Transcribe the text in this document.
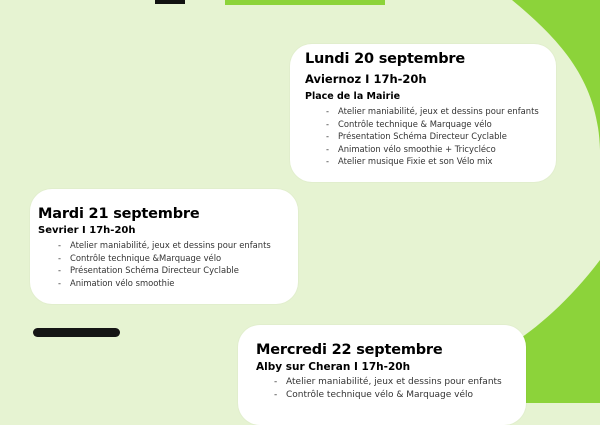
Lundi 20 septembre
Aviernoz I 17h-20h
Place de la Mairie
- Atelier maniabilité, jeux et dessins pour enfants
- Contrôle technique & Marquage vélo
- Présentation Schéma Directeur Cyclable
- Animation vélo smoothie + Tricycléco
- Atelier musique Fixie et son Vélo mix
Mardi 21 septembre
Sevrier I 17h-20h
- Atelier maniabilité, jeux et dessins pour enfants
- Contrôle technique &Marquage vélo
- Présentation Schéma Directeur Cyclable
- Animation vélo smoothie
Mercredi 22 septembre
Alby sur Cheran I 17h-20h
- Atelier maniabilité, jeux et dessins pour enfants
- Contrôle technique vélo & Marquage vélo
